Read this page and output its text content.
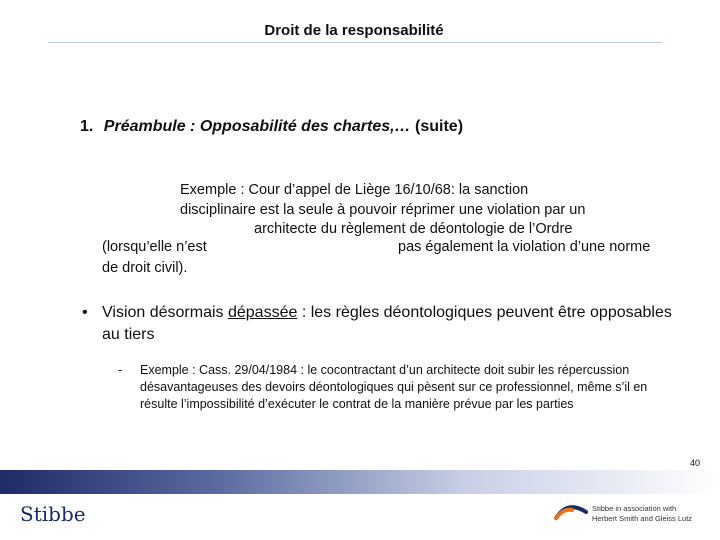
Droit de la responsabilité
1. Préambule : Opposabilité des chartes,… (suite)
Exemple : Cour d’appel de Liège 16/10/68: la sanction
disciplinaire est la seule à pouvoir réprimer une violation par un
architecte du règlement de déontologie de l’Ordre
(lorsqu’elle n’est	pas également la violation d’une norme
de droit civil).
• Vision désormais dépassée : les règles déontologiques peuvent être opposables au tiers
- Exemple : Cass. 29/04/1984 : le cocontractant d’un architecte doit subir les répercussion désavantageuses des devoirs déontologiques qui pèsent sur ce professionnel, même s’il en résulte l’impossibilité d’exécuter le contrat de la manière prévue par les parties
40
Stibbe	Stibbe in association with
Herbert Smith and Gleiss Lutz
